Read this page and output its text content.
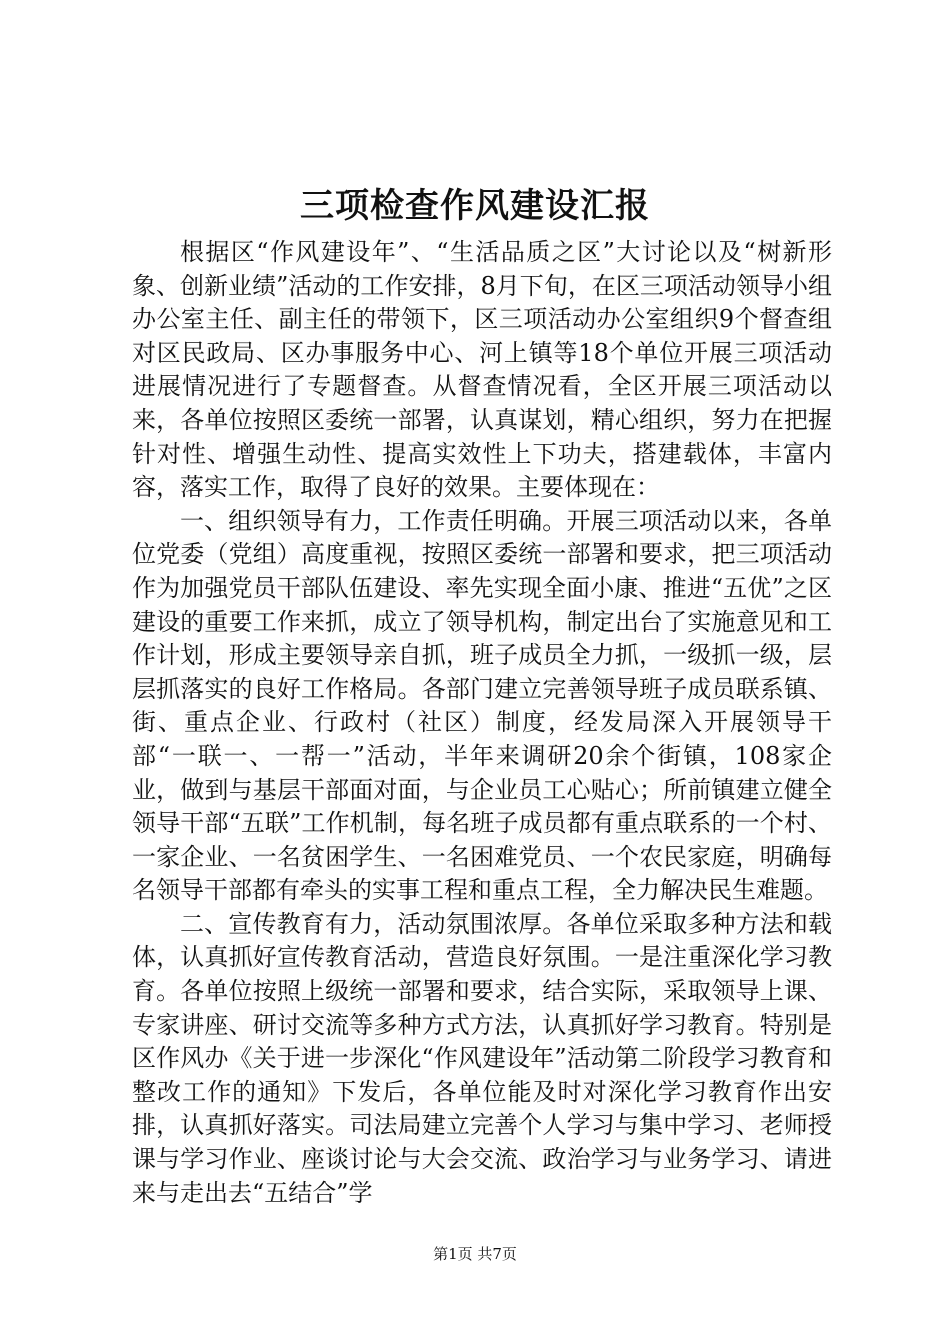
三项检查作风建设汇报

根据区“作风建设年”、“生活品质之区”大讨论以及“树新形象、创新业绩”活动的工作安排，8月下旬，在区三项活动领导小组办公室主任、副主任的带领下，区三项活动办公室组织9个督查组对区民政局、区办事服务中心、河上镇等18个单位开展三项活动进展情况进行了专题督查。从督查情况看，全区开展三项活动以来，各单位按照区委统一部署，认真谋划，精心组织，努力在把握针对性、增强生动性、提高实效性上下功夫，搭建载体，丰富内容，落实工作，取得了良好的效果。主要体现在：

一、组织领导有力，工作责任明确。开展三项活动以来，各单位党委（党组）高度重视，按照区委统一部署和要求，把三项活动作为加强党员干部队伍建设、率先实现全面小康、推进“五优”之区建设的重要工作来抓，成立了领导机构，制定出台了实施意见和工作计划，形成主要领导亲自抓，班子成员全力抓，一级抓一级，层层抓落实的良好工作格局。各部门建立完善领导班子成员联系镇、街、重点企业、行政村（社区）制度，经发局深入开展领导干部“一联一、一帮一”活动，半年来调研20余个街镇，108家企业，做到与基层干部面对面，与企业员工心贴心；所前镇建立健全领导干部“五联”工作机制，每名班子成员都有重点联系的一个村、一家企业、一名贫困学生、一名困难党员、一个农民家庭，明确每名领导干部都有牵头的实事工程和重点工程，全力解决民生难题。

二、宣传教育有力，活动氛围浓厚。各单位采取多种方法和载体，认真抓好宣传教育活动，营造良好氛围。一是注重深化学习教育。各单位按照上级统一部署和要求，结合实际，采取领导上课、专家讲座、研讨交流等多种方式方法，认真抓好学习教育。特别是区作风办《关于进一步深化“作风建设年”活动第二阶段学习教育和整改工作的通知》下发后，各单位能及时对深化学习教育作出安排，认真抓好落实。司法局建立完善个人学习与集中学习、老师授课与学习作业、座谈讨论与大会交流、政治学习与业务学习、请进来与走出去“五结合”学

第1页 共7页
